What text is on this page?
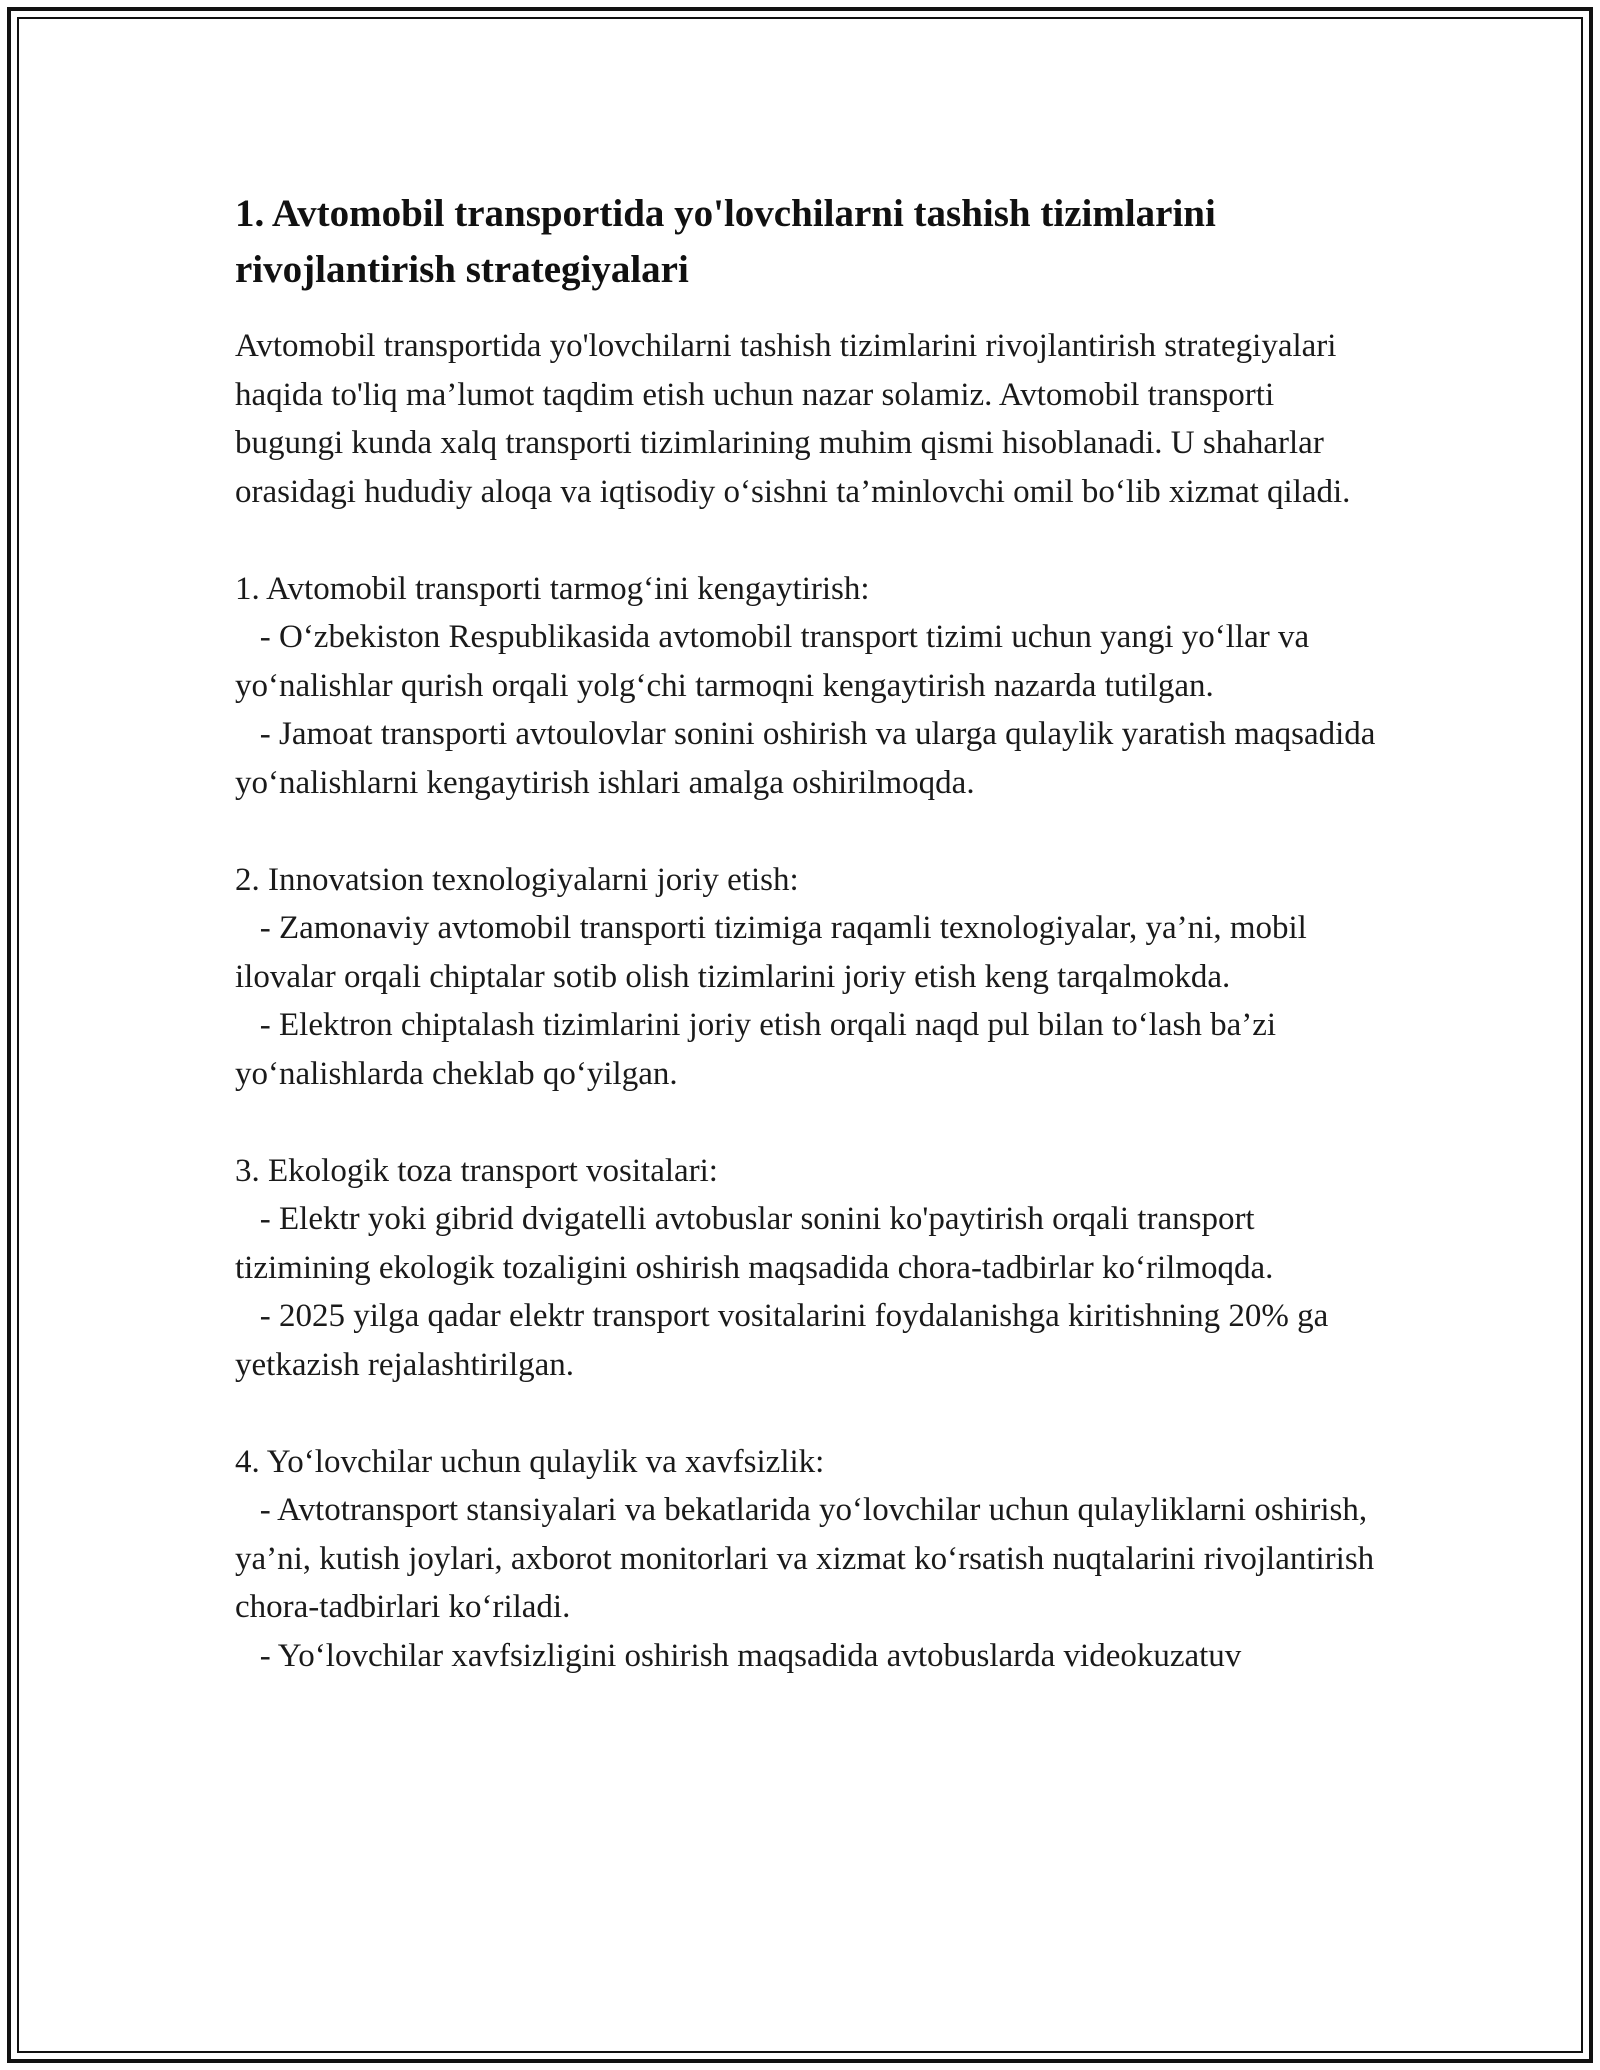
1. Avtomobil transportida yo'lovchilarni tashish tizimlarini rivojlantirish strategiyalari

Avtomobil transportida yo'lovchilarni tashish tizimlarini rivojlantirish strategiyalari haqida to'liq ma’lumot taqdim etish uchun nazar solamiz. Avtomobil transporti bugungi kunda xalq transporti tizimlarining muhim qismi hisoblanadi. U shaharlar orasidagi hududiy aloqa va iqtisodiy o‘sishni ta’minlovchi omil bo‘lib xizmat qiladi.

1. Avtomobil transporti tarmog‘ini kengaytirish:

- O‘zbekiston Respublikasida avtomobil transport tizimi uchun yangi yo‘llar va yo‘nalishlar qurish orqali yolg‘chi tarmoqni kengaytirish nazarda tutilgan.

- Jamoat transporti avtoulovlar sonini oshirish va ularga qulaylik yaratish maqsadida yo‘nalishlarni kengaytirish ishlari amalga oshirilmoqda.

2. Innovatsion texnologiyalarni joriy etish:

- Zamonaviy avtomobil transporti tizimiga raqamli texnologiyalar, ya’ni, mobil ilovalar orqali chiptalar sotib olish tizimlarini joriy etish keng tarqalmokda.

- Elektron chiptalash tizimlarini joriy etish orqali naqd pul bilan to‘lash ba’zi yo‘nalishlarda cheklab qo‘yilgan.

3. Ekologik toza transport vositalari:

- Elektr yoki gibrid dvigatelli avtobuslar sonini ko'paytirish orqali transport tizimining ekologik tozaligini oshirish maqsadida chora-tadbirlar ko‘rilmoqda.

- 2025 yilga qadar elektr transport vositalarini foydalanishga kiritishning 20% ga yetkazish rejalashtirilgan.

4. Yo‘lovchilar uchun qulaylik va xavfsizlik:

- Avtotransport stansiyalari va bekatlarida yo‘lovchilar uchun qulayliklarni oshirish, ya’ni, kutish joylari, axborot monitorlari va xizmat ko‘rsatish nuqtalarini rivojlantirish chora-tadbirlari ko‘riladi.

- Yo‘lovchilar xavfsizligini oshirish maqsadida avtobuslarda videokuzatuv
